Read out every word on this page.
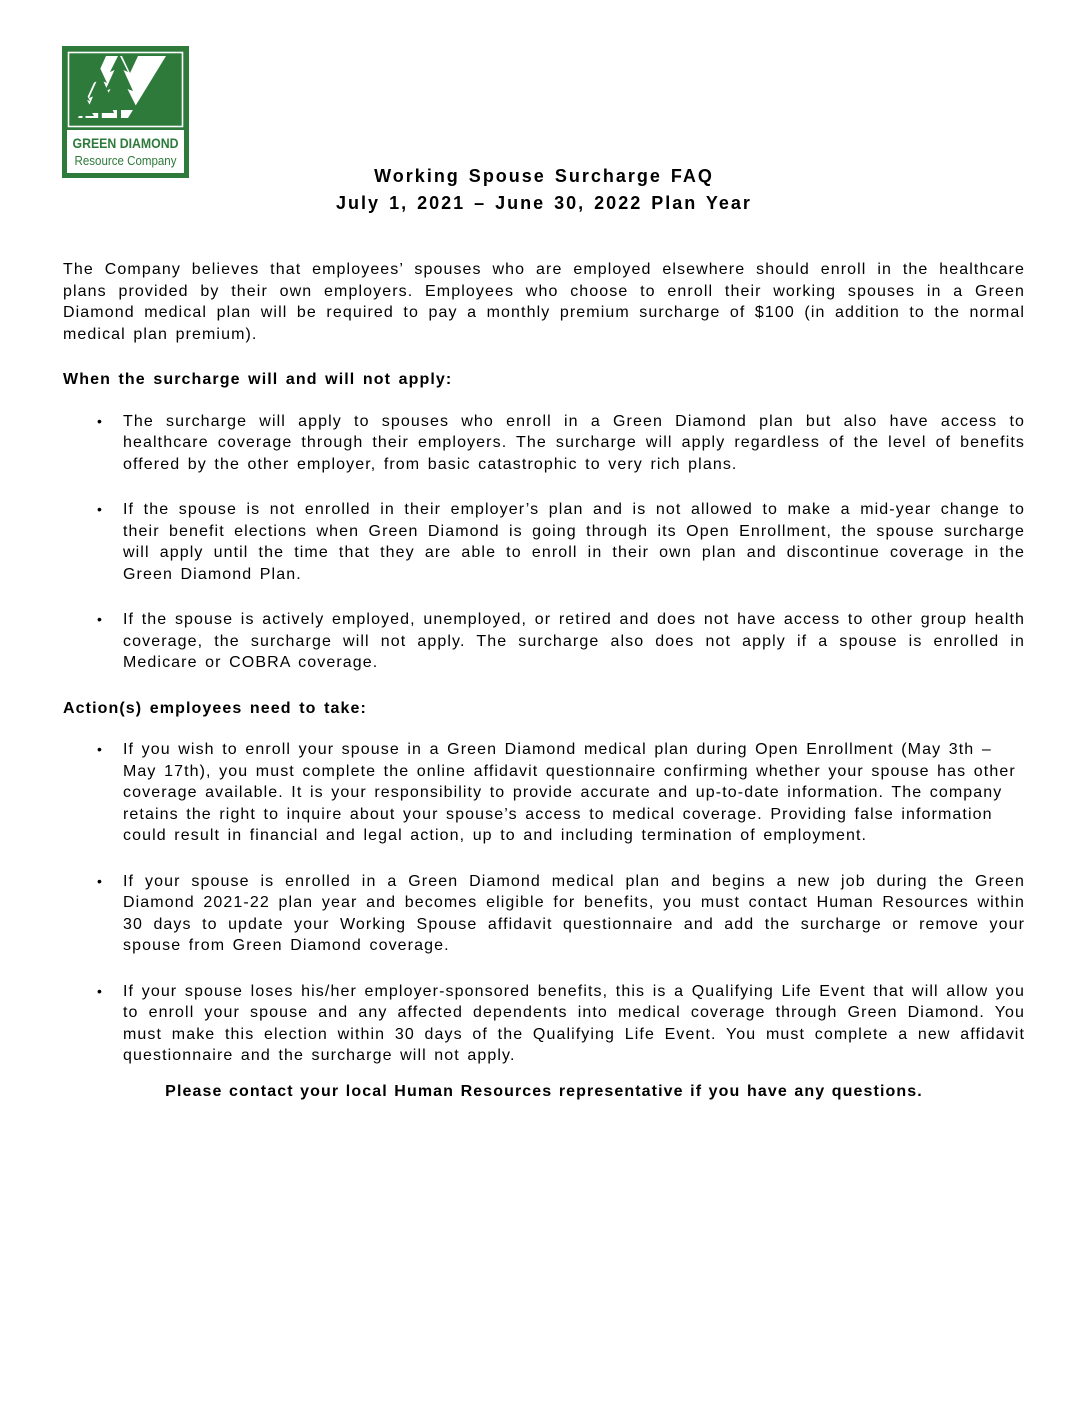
GREEN DIAMOND
Resource Company
Working Spouse Surcharge FAQ
July 1, 2021 – June 30, 2022 Plan Year
The Company believes that employees’ spouses who are employed elsewhere should enroll in the healthcare plans provided by their own employers. Employees who choose to enroll their working spouses in a Green Diamond medical plan will be required to pay a monthly premium surcharge of $100 (in addition to the normal medical plan premium).
When the surcharge will and will not apply:
•	The surcharge will apply to spouses who enroll in a Green Diamond plan but also have access to healthcare coverage through their employers. The surcharge will apply regardless of the level of benefits offered by the other employer, from basic catastrophic to very rich plans.
•	If the spouse is not enrolled in their employer’s plan and is not allowed to make a mid-year change to their benefit elections when Green Diamond is going through its Open Enrollment, the spouse surcharge will apply until the time that they are able to enroll in their own plan and discontinue coverage in the Green Diamond Plan.
•	If the spouse is actively employed, unemployed, or retired and does not have access to other group health coverage, the surcharge will not apply. The surcharge also does not apply if a spouse is enrolled in Medicare or COBRA coverage.
Action(s) employees need to take:
•	If you wish to enroll your spouse in a Green Diamond medical plan during Open Enrollment (May 3th – May 17th), you must complete the online affidavit questionnaire confirming whether your spouse has other coverage available. It is your responsibility to provide accurate and up-to-date information. The company retains the right to inquire about your spouse’s access to medical coverage. Providing false information could result in financial and legal action, up to and including termination of employment.
•	If your spouse is enrolled in a Green Diamond medical plan and begins a new job during the Green Diamond 2021-22 plan year and becomes eligible for benefits, you must contact Human Resources within 30 days to update your Working Spouse affidavit questionnaire and add the surcharge or remove your spouse from Green Diamond coverage.
•	If your spouse loses his/her employer-sponsored benefits, this is a Qualifying Life Event that will allow you to enroll your spouse and any affected dependents into medical coverage through Green Diamond. You must make this election within 30 days of the Qualifying Life Event. You must complete a new affidavit questionnaire and the surcharge will not apply.
Please contact your local Human Resources representative if you have any questions.
